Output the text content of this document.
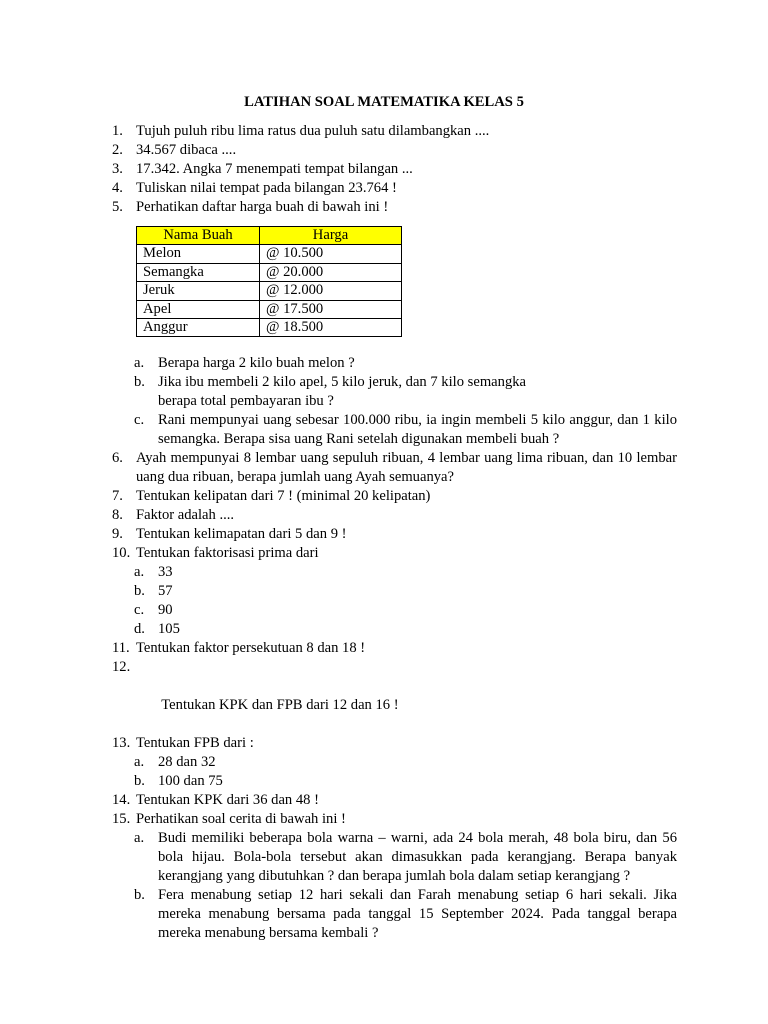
LATIHAN SOAL MATEMATIKA KELAS 5
1. Tujuh puluh ribu lima ratus dua puluh satu dilambangkan ....
2. 34.567 dibaca ....
3. 17.342. Angka 7 menempati tempat bilangan ...
4. Tuliskan nilai tempat pada bilangan 23.764 !
5. Perhatikan daftar harga buah di bawah ini !
Nama Buah	Harga
Melon	@ 10.500
Semangka	@ 20.000
Jeruk	@ 12.000
Apel	@ 17.500
Anggur	@ 18.500
a. Berapa harga 2 kilo buah melon ?
b. Jika ibu membeli 2 kilo apel, 5 kilo jeruk, dan 7 kilo semangka
berapa total pembayaran ibu ?
c. Rani mempunyai uang sebesar 100.000 ribu, ia ingin membeli 5 kilo anggur, dan 1 kilo semangka. Berapa sisa uang Rani setelah digunakan membeli buah ?
6. Ayah mempunyai 8 lembar uang sepuluh ribuan, 4 lembar uang lima ribuan, dan 10 lembar uang dua ribuan, berapa jumlah uang Ayah semuanya?
7. Tentukan kelipatan dari 7 ! (minimal 20 kelipatan)
8. Faktor adalah ....
9. Tentukan kelimapatan dari 5 dan 9 !
10. Tentukan faktorisasi prima dari
a. 33
b. 57
c. 90
d. 105
11. Tentukan faktor persekutuan 8 dan 18 !

12.

Tentukan KPK dan FPB dari 12 dan 16 !

13. Tentukan FPB dari :
a. 28 dan 32
b. 100 dan 75
14. Tentukan KPK dari 36 dan 48 !
15. Perhatikan soal cerita di bawah ini !
a. Budi memiliki beberapa bola warna – warni, ada 24 bola merah, 48 bola biru, dan 56 bola hijau. Bola-bola tersebut akan dimasukkan pada kerangjang. Berapa banyak kerangjang yang dibutuhkan ? dan berapa jumlah bola dalam setiap kerangjang ?
b. Fera menabung setiap 12 hari sekali dan Farah menabung setiap 6 hari sekali. Jika mereka menabung bersama pada tanggal 15 September 2024. Pada tanggal berapa mereka menabung bersama kembali ?
